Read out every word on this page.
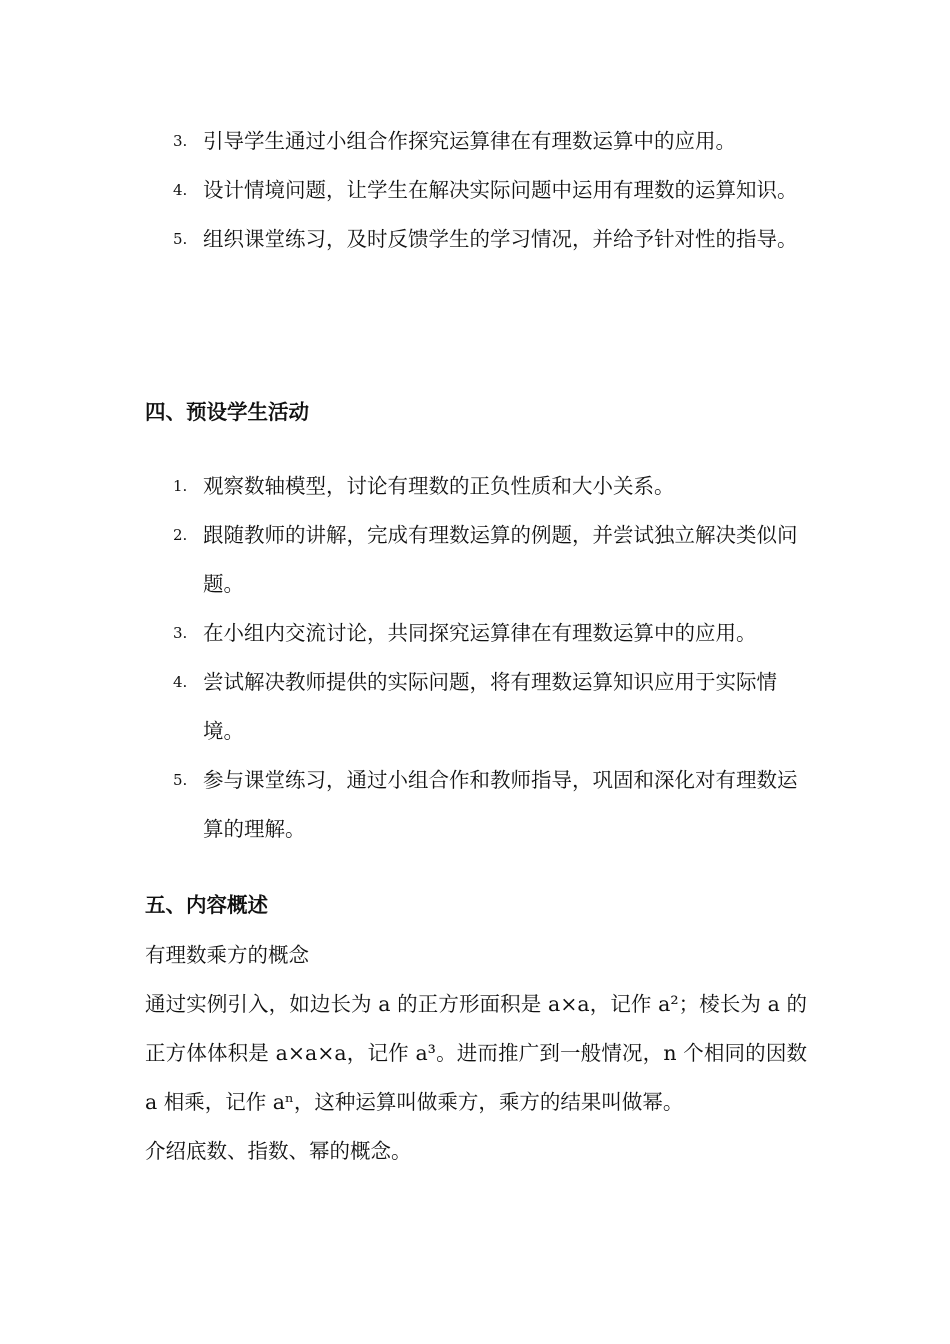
3. 引导学生通过小组合作探究运算律在有理数运算中的应用。
4. 设计情境问题，让学生在解决实际问题中运用有理数的运算知识。
5. 组织课堂练习，及时反馈学生的学习情况，并给予针对性的指导。
四、预设学生活动
1. 观察数轴模型，讨论有理数的正负性质和大小关系。
2. 跟随教师的讲解，完成有理数运算的例题，并尝试独立解决类似问题。
3. 在小组内交流讨论，共同探究运算律在有理数运算中的应用。
4. 尝试解决教师提供的实际问题，将有理数运算知识应用于实际情境。
5. 参与课堂练习，通过小组合作和教师指导，巩固和深化对有理数运算的理解。
五、内容概述

有理数乘方的概念

通过实例引入，如边长为 a 的正方形面积是 a×a，记作 a²；棱长为 a 的正方体体积是 a×a×a，记作 a³。进而推广到一般情况，n 个相同的因数 a 相乘，记作 aⁿ，这种运算叫做乘方，乘方的结果叫做幂。

介绍底数、指数、幂的概念。
